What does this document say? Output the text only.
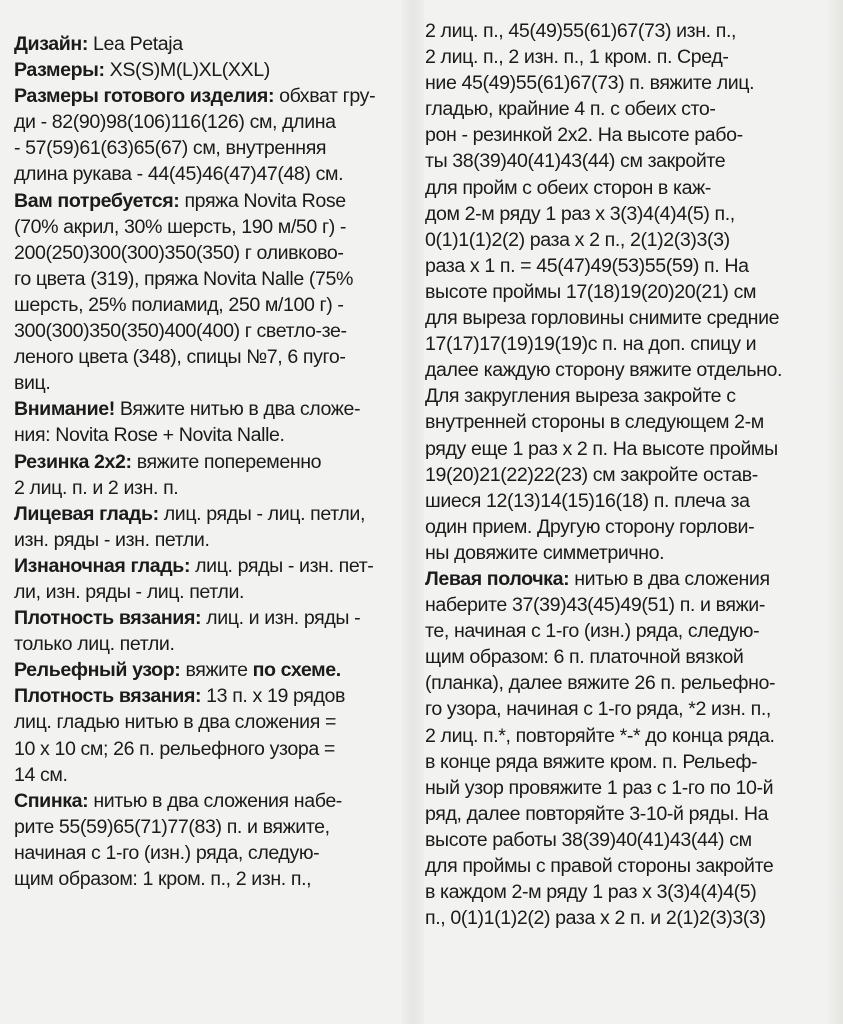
Дизайн: Lea Petaja
Размеры: XS(S)M(L)XL(XXL)
Размеры готового изделия: обхват гру-
ди - 82(90)98(106)116(126) см, длина
- 57(59)61(63)65(67) см, внутренняя
длина рукава - 44(45)46(47)47(48) см.
Вам потребуется: пряжа Novita Rose
(70% акрил, 30% шерсть, 190 м/50 г) -
200(250)300(300)350(350) г оливково-
го цвета (319), пряжа Novita Nalle (75%
шерсть, 25% полиамид, 250 м/100 г) -
300(300)350(350)400(400) г светло-зе-
леного цвета (348), спицы №7, 6 пуго-
виц.
Внимание! Вяжите нитью в два сложе-
ния: Novita Rose + Novita Nalle.
Резинка 2x2: вяжите попеременно
2 лиц. п. и 2 изн. п.
Лицевая гладь: лиц. ряды - лиц. петли,
изн. ряды - изн. петли.
Изнаночная гладь: лиц. ряды - изн. пет-
ли, изн. ряды - лиц. петли.
Плотность вязания: лиц. и изн. ряды -
только лиц. петли.
Рельефный узор: вяжите по схеме.
Плотность вязания: 13 п. х 19 рядов
лиц. гладью нитью в два сложения =
10 х 10 см; 26 п. рельефного узора =
14 см.
Спинка: нитью в два сложения набе-
рите 55(59)65(71)77(83) п. и вяжите,
начиная с 1-го (изн.) ряда, следую-
щим образом: 1 кром. п., 2 изн. п.,
2 лиц. п., 45(49)55(61)67(73) изн. п.,
2 лиц. п., 2 изн. п., 1 кром. п. Сред-
ние 45(49)55(61)67(73) п. вяжите лиц.
гладью, крайние 4 п. с обеих сто-
рон - резинкой 2x2. На высоте рабо-
ты 38(39)40(41)43(44) см закройте
для пройм с обеих сторон в каж-
дом 2-м ряду 1 раз х 3(3)4(4)4(5) п.,
0(1)1(1)2(2) раза х 2 п., 2(1)2(3)3(3)
раза х 1 п. = 45(47)49(53)55(59) п. На
высоте проймы 17(18)19(20)20(21) см
для выреза горловины снимите средние
17(17)17(19)19(19)с п. на доп. спицу и
далее каждую сторону вяжите отдельно.
Для закругления выреза закройте с
внутренней стороны в следующем 2-м
ряду еще 1 раз х 2 п. На высоте проймы
19(20)21(22)22(23) см закройте остав-
шиеся 12(13)14(15)16(18) п. плеча за
один прием. Другую сторону горлови-
ны довяжите симметрично.
Левая полочка: нитью в два сложения
наберите 37(39)43(45)49(51) п. и вяжи-
те, начиная с 1-го (изн.) ряда, следую-
щим образом: 6 п. платочной вязкой
(планка), далее вяжите 26 п. рельефно-
го узора, начиная с 1-го ряда, *2 изн. п.,
2 лиц. п.*, повторяйте *-* до конца ряда.
в конце ряда вяжите кром. п. Рельеф-
ный узор провяжите 1 раз с 1-го по 10-й
ряд, далее повторяйте 3-10-й ряды. На
высоте работы 38(39)40(41)43(44) см
для проймы с правой стороны закройте
в каждом 2-м ряду 1 раз х 3(3)4(4)4(5)
п., 0(1)1(1)2(2) раза х 2 п. и 2(1)2(3)3(3)
